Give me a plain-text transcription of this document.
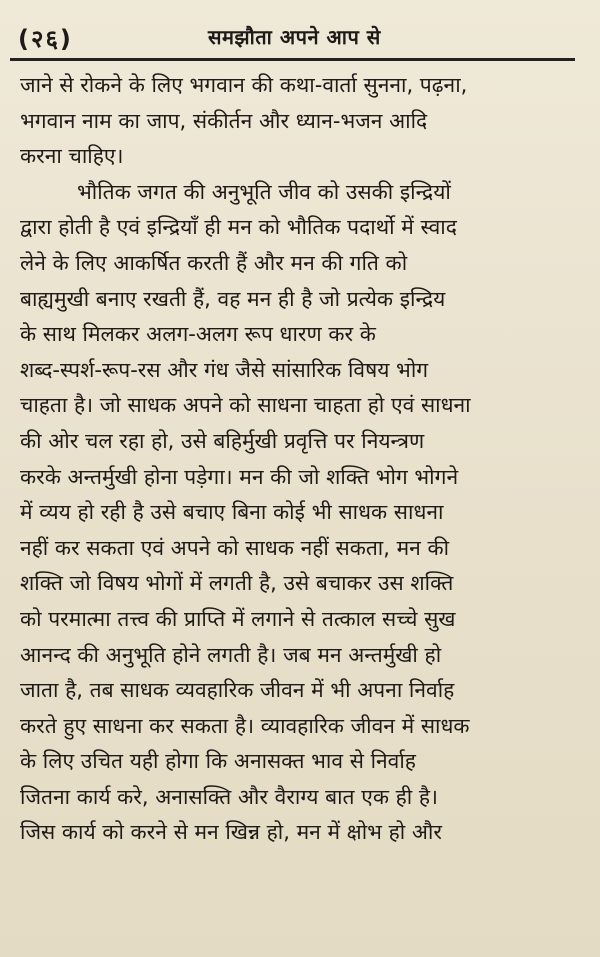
(२६)	समझौता अपने आप से
जाने से रोकने के लिए भगवान की कथा-वार्ता सुनना, पढ़ना,
भगवान नाम का जाप, संकीर्तन और ध्यान-भजन आदि
करना चाहिए।
भौतिक जगत की अनुभूति जीव को उसकी इन्द्रियों
द्वारा होती है एवं इन्द्रियाँ ही मन को भौतिक पदार्थो में स्वाद
लेने के लिए आकर्षित करती हैं और मन की गति को
बाह्यमुखी बनाए रखती हैं, वह मन ही है जो प्रत्येक इन्द्रिय
के साथ मिलकर अलग-अलग रूप धारण कर के
शब्द-स्पर्श-रूप-रस और गंध जैसे सांसारिक विषय भोग
चाहता है। जो साधक अपने को साधना चाहता हो एवं साधना
की ओर चल रहा हो, उसे बहिर्मुखी प्रवृत्ति पर नियन्त्रण
करके अन्तर्मुखी होना पड़ेगा। मन की जो शक्ति भोग भोगने
में व्यय हो रही है उसे बचाए बिना कोई भी साधक साधना
नहीं कर सकता एवं अपने को साधक नहीं सकता, मन की
शक्ति जो विषय भोगों में लगती है, उसे बचाकर उस शक्ति
को परमात्मा तत्त्व की प्राप्ति में लगाने से तत्काल सच्चे सुख
आनन्द की अनुभूति होने लगती है। जब मन अन्तर्मुखी हो
जाता है, तब साधक व्यवहारिक जीवन में भी अपना निर्वाह
करते हुए साधना कर सकता है। व्यावहारिक जीवन में साधक
के लिए उचित यही होगा कि अनासक्त भाव से निर्वाह
जितना कार्य करे, अनासक्ति और वैराग्य बात एक ही है।
जिस कार्य को करने से मन खिन्न हो, मन में क्षोभ हो और
